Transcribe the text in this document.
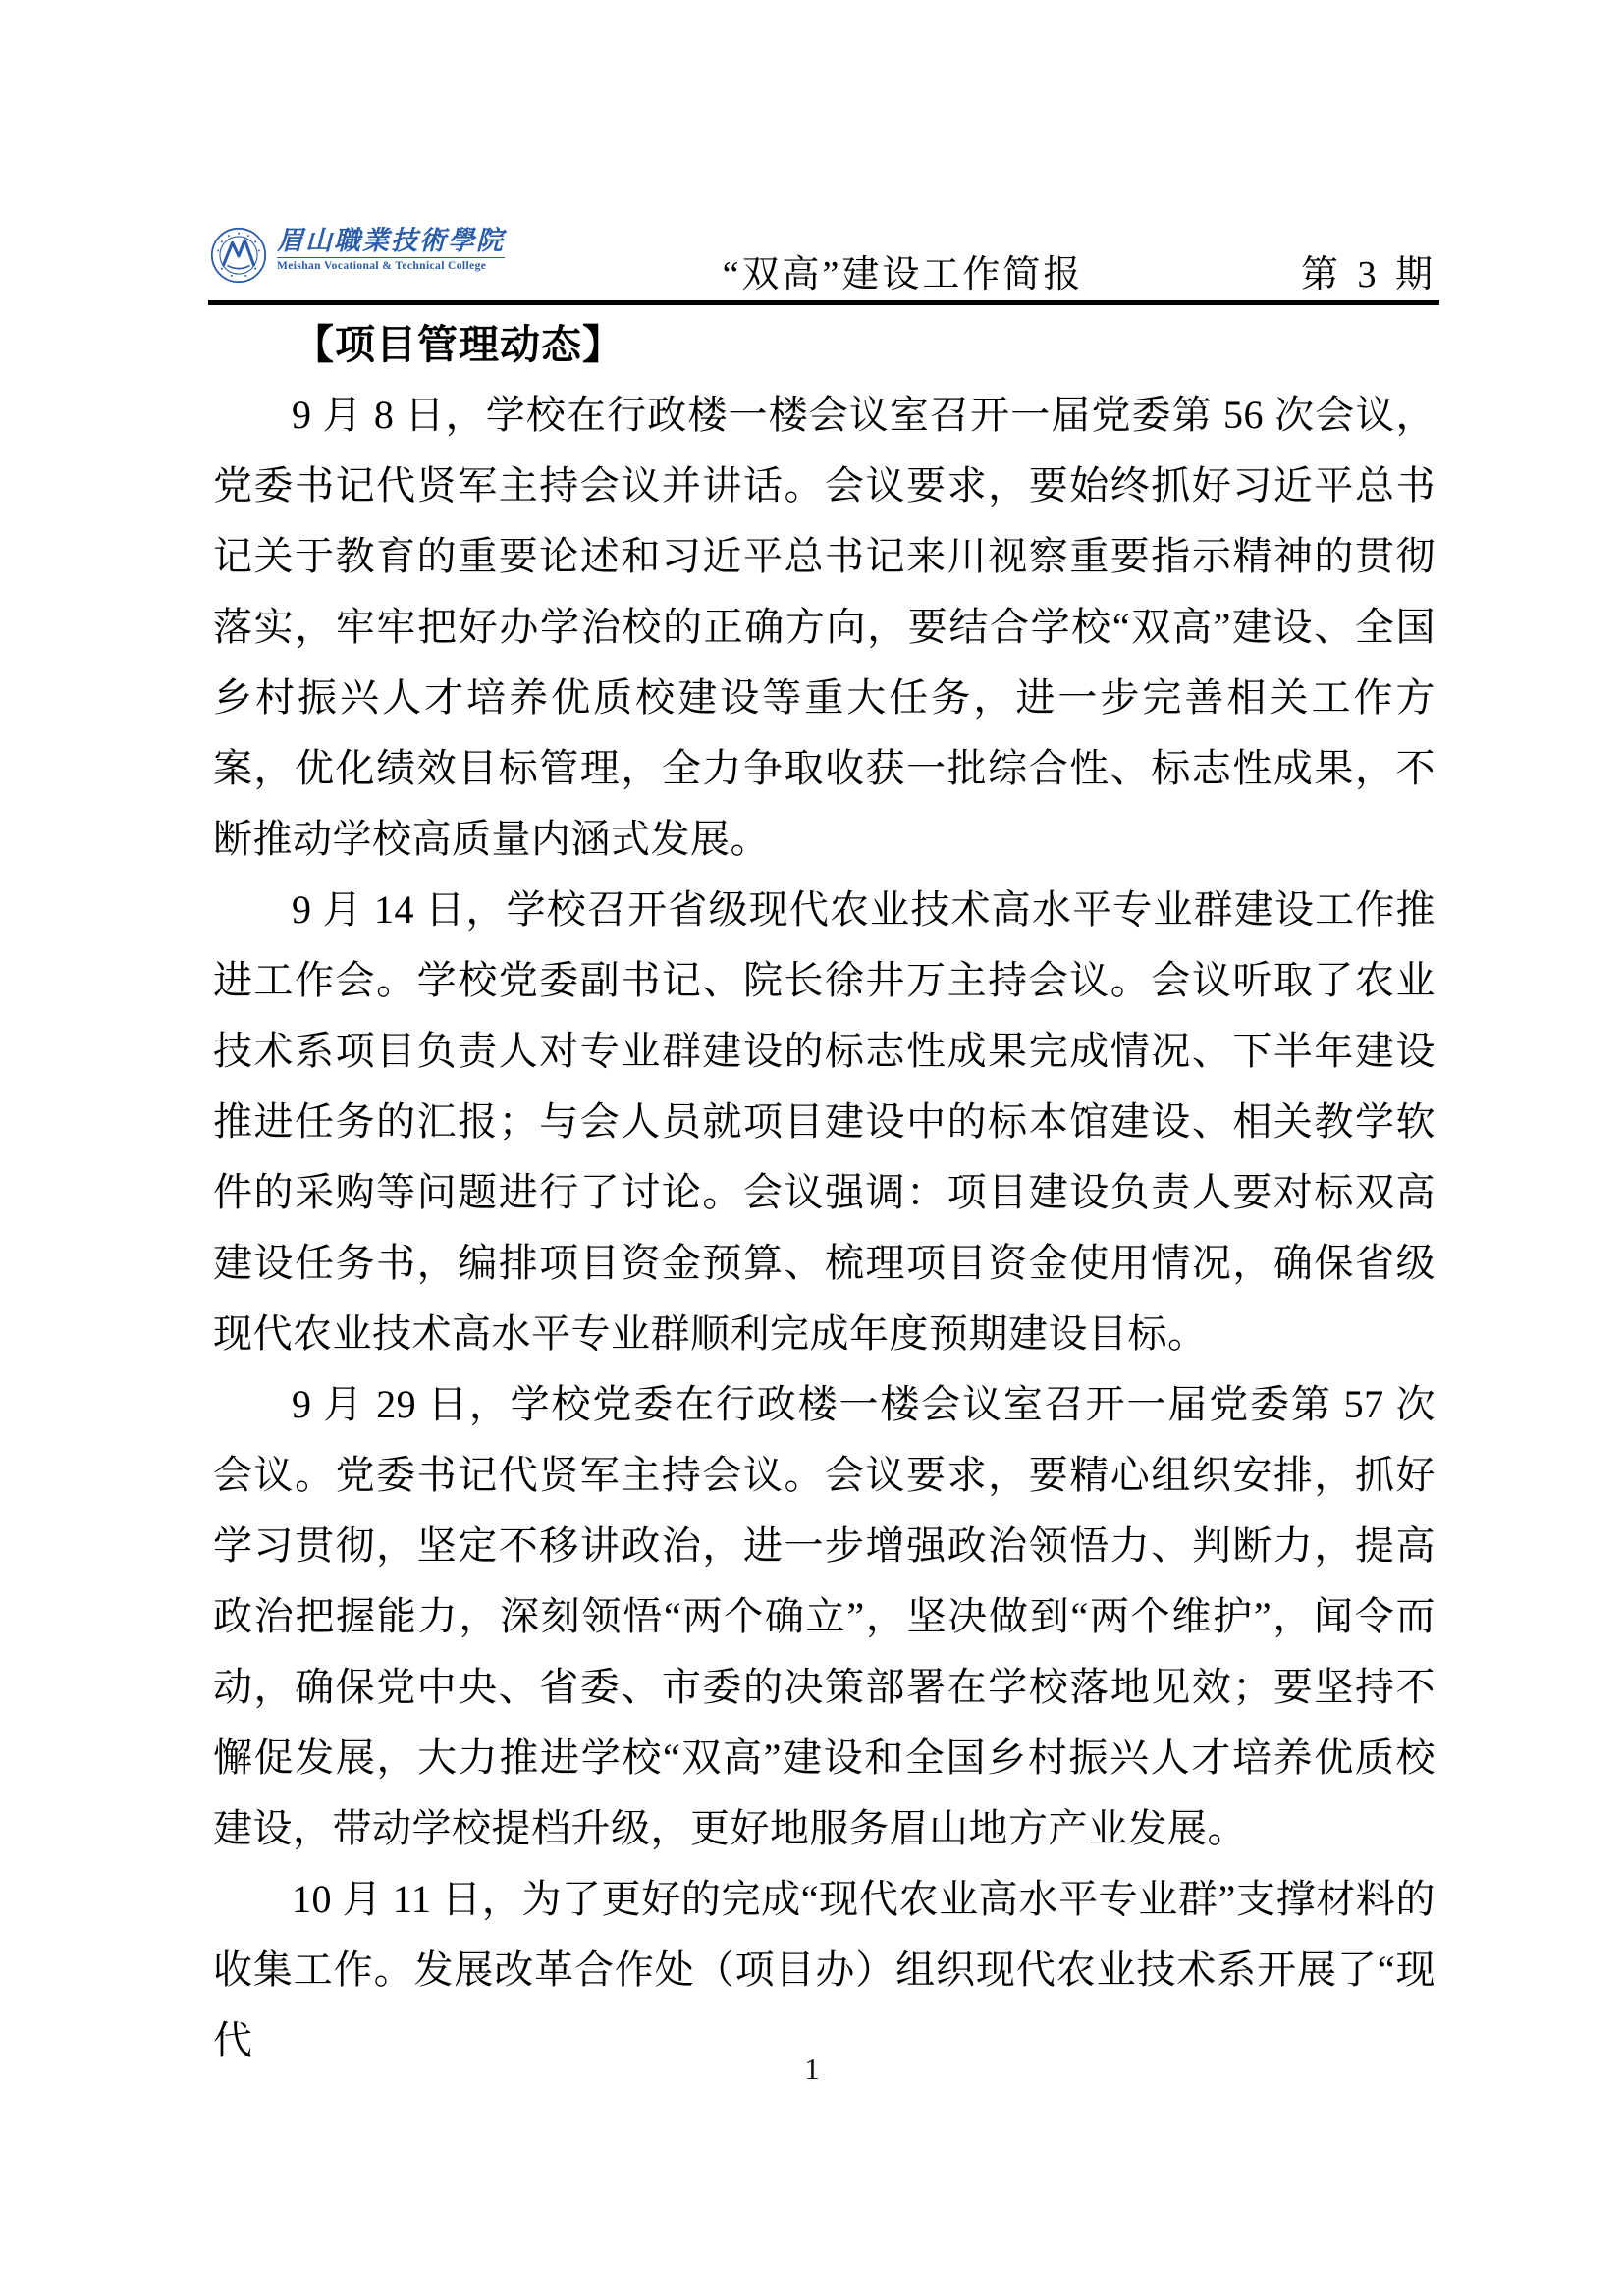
眉山職業技術學院
Meishan Vocational & Technical College	“双高”建设工作简报	第 3 期
【项目管理动态】

9 月 8 日，学校在行政楼一楼会议室召开一届党委第 56 次会议，党委书记代贤军主持会议并讲话。会议要求，要始终抓好习近平总书记关于教育的重要论述和习近平总书记来川视察重要指示精神的贯彻落实，牢牢把好办学治校的正确方向，要结合学校“双高”建设、全国乡村振兴人才培养优质校建设等重大任务，进一步完善相关工作方案，优化绩效目标管理，全力争取收获一批综合性、标志性成果，不断推动学校高质量内涵式发展。

9 月 14 日，学校召开省级现代农业技术高水平专业群建设工作推进工作会。学校党委副书记、院长徐井万主持会议。会议听取了农业技术系项目负责人对专业群建设的标志性成果完成情况、下半年建设推进任务的汇报；与会人员就项目建设中的标本馆建设、相关教学软件的采购等问题进行了讨论。会议强调：项目建设负责人要对标双高建设任务书，编排项目资金预算、梳理项目资金使用情况，确保省级现代农业技术高水平专业群顺利完成年度预期建设目标。

9 月 29 日，学校党委在行政楼一楼会议室召开一届党委第 57 次会议。党委书记代贤军主持会议。会议要求，要精心组织安排，抓好学习贯彻，坚定不移讲政治，进一步增强政治领悟力、判断力，提高政治把握能力，深刻领悟“两个确立”，坚决做到“两个维护”，闻令而动，确保党中央、省委、市委的决策部署在学校落地见效；要坚持不懈促发展，大力推进学校“双高”建设和全国乡村振兴人才培养优质校建设，带动学校提档升级，更好地服务眉山地方产业发展。

10 月 11 日，为了更好的完成“现代农业高水平专业群”支撑材料的收集工作。发展改革合作处（项目办）组织现代农业技术系开展了“现代

1
